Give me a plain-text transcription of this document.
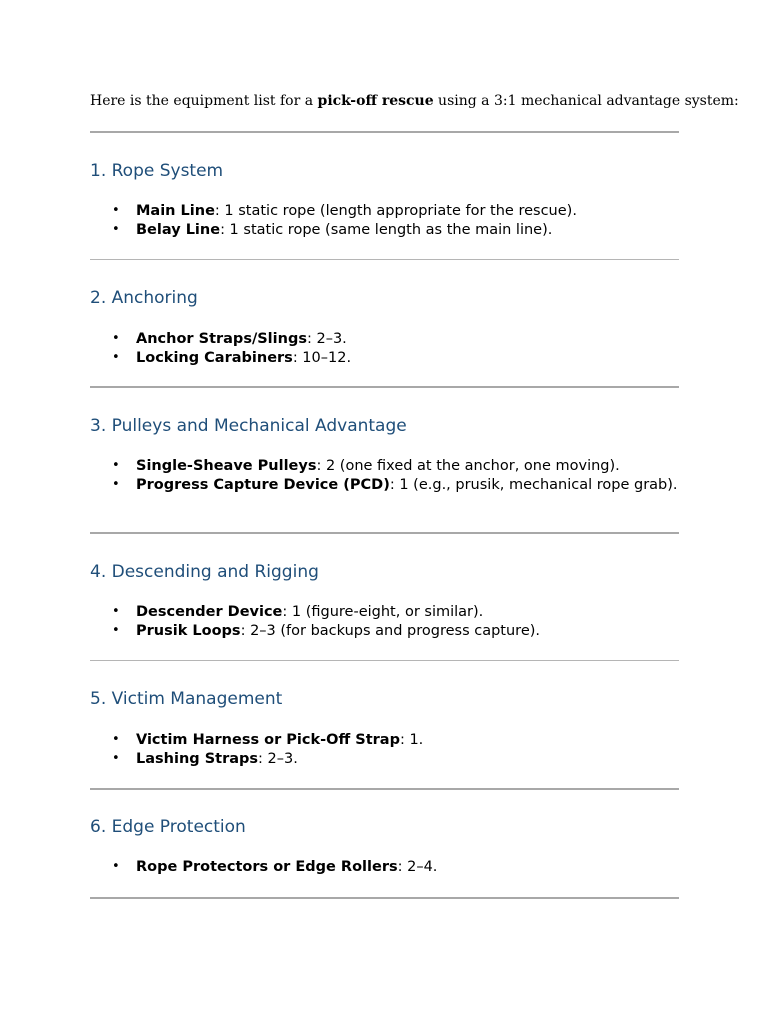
Here is the equipment list for a pick-off rescue using a 3:1 mechanical advantage system:

1. Rope System
• Main Line: 1 static rope (length appropriate for the rescue).
• Belay Line: 1 static rope (same length as the main line).
2. Anchoring
• Anchor Straps/Slings: 2–3.
• Locking Carabiners: 10–12.
3. Pulleys and Mechanical Advantage
• Single-Sheave Pulleys: 2 (one fixed at the anchor, one moving).
• Progress Capture Device (PCD): 1 (e.g., prusik, mechanical rope grab).
4. Descending and Rigging
• Descender Device: 1 (figure-eight, or similar).
• Prusik Loops: 2–3 (for backups and progress capture).
5. Victim Management
• Victim Harness or Pick-Off Strap: 1.
• Lashing Straps: 2–3.
6. Edge Protection
• Rope Protectors or Edge Rollers: 2–4.
